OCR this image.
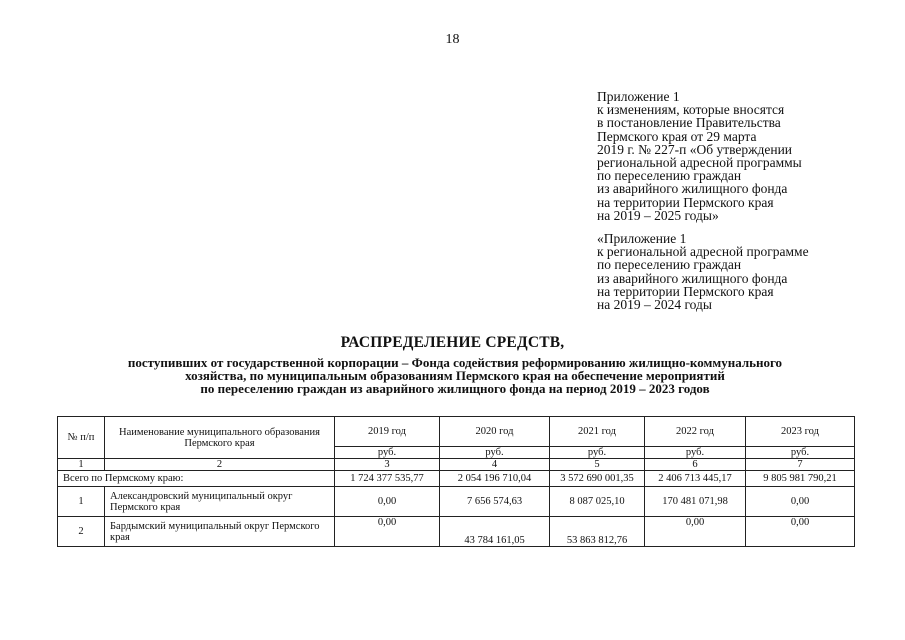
18
Приложение 1
к изменениям, которые вносятся
в постановление Правительства
Пермского края от 29 марта
2019 г. № 227-п «Об утверждении
региональной адресной программы
по переселению граждан
из аварийного жилищного фонда
на территории Пермского края
на 2019 – 2025 годы»
«Приложение 1
к региональной адресной программе
по переселению граждан
из аварийного жилищного фонда
на территории Пермского края
на 2019 – 2024 годы
РАСПРЕДЕЛЕНИЕ СРЕДСТВ,
поступивших от государственной корпорации – Фонда содействия реформированию жилищно-коммунального
хозяйства, по муниципальным образованиям Пермского края на обеспечение мероприятий
по переселению граждан из аварийного жилищного фонда на период 2019 – 2023 годов
№ п/п	Наименование муниципального образования Пермского края	2019 год	2020 год	2021 год	2022 год	2023 год
		руб.	руб.	руб.	руб.	руб.
1	2	3	4	5	6	7
Всего по Пермскому краю:		1 724 377 535,77	2 054 196 710,04	3 572 690 001,35	2 406 713 445,17	9 805 981 790,21
1	Александровский муниципальный округ Пермского края	0,00	7 656 574,63	8 087 025,10	170 481 071,98	0,00
2	Бардымский муниципальный округ Пермского края	0,00	43 784 161,05	53 863 812,76	0,00	0,00
